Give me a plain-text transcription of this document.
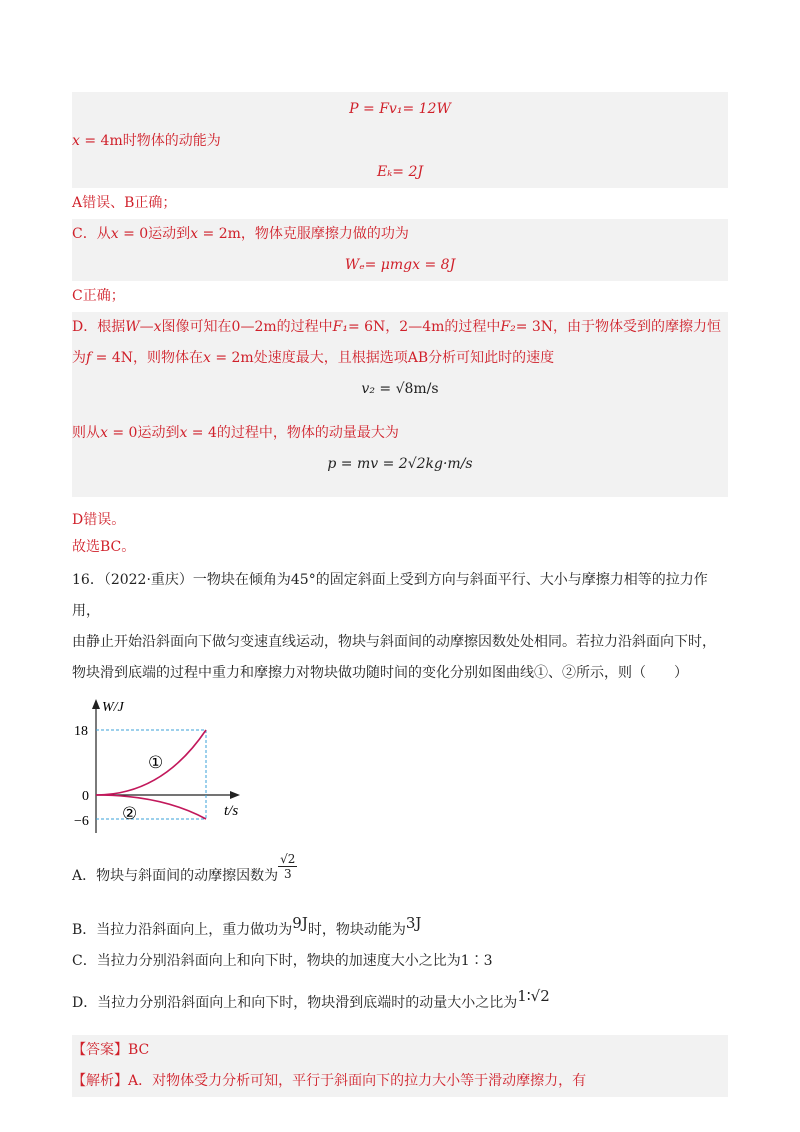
P = Fv₁= 12W
x = 4m时物体的动能为
Eₖ= 2J
A错误、B正确；
C．从x = 0运动到x = 2m，物体克服摩擦力做的功为
Wₑ= μmgx = 8J
C正确；
D．根据W—x图像可知在0—2m的过程中F₁= 6N，2—4m的过程中F₂= 3N，由于物体受到的摩擦力恒
为f = 4N，则物体在x = 2m处速度最大，且根据选项AB分析可知此时的速度
v₂ = √8m/s
则从x = 0运动到x = 4的过程中，物体的动量最大为
p = mv = 2√2kg·m/s
D错误。
故选BC。
16．（2022·重庆）一物块在倾角为45°的固定斜面上受到方向与斜面平行、大小与摩擦力相等的拉力作用，
由静止开始沿斜面向下做匀变速直线运动，物块与斜面间的动摩擦因数处处相同。若拉力沿斜面向下时，
物块滑到底端的过程中重力和摩擦力对物块做功随时间的变化分别如图曲线①、②所示，则（　　）
W/J
18
0
−6
t/s
①
②
A．物块与斜面间的动摩擦因数为 $\frac{√2}{3}$
B．当拉力沿斜面向上，重力做功为9J时，物块动能为3J
C．当拉力分别沿斜面向上和向下时，物块的加速度大小之比为1∶3
D．当拉力分别沿斜面向上和向下时，物块滑到底端时的动量大小之比为1∶√2
【答案】BC
【解析】A．对物体受力分析可知，平行于斜面向下的拉力大小等于滑动摩擦力，有
